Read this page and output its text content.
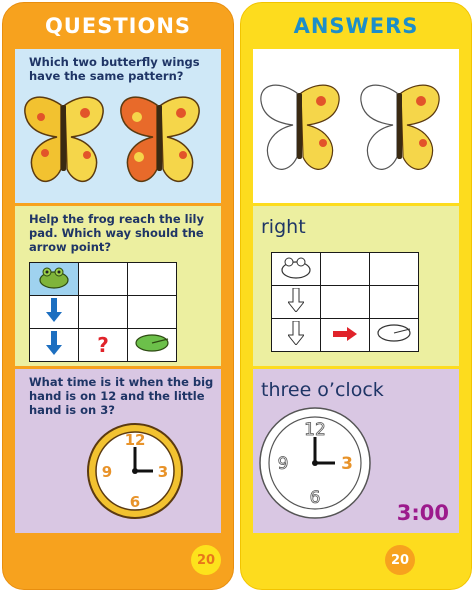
QUESTIONS
Which two butterfly wings
have the same pattern?
Help the frog reach the lily
pad. Which way should the
arrow point?

	?	
What time is it when the big
hand is on 12 and the little
hand is on 3?
12
3
6
9
20
ANSWERS
right

three o’clock
12
3
6
9
3:00
20
